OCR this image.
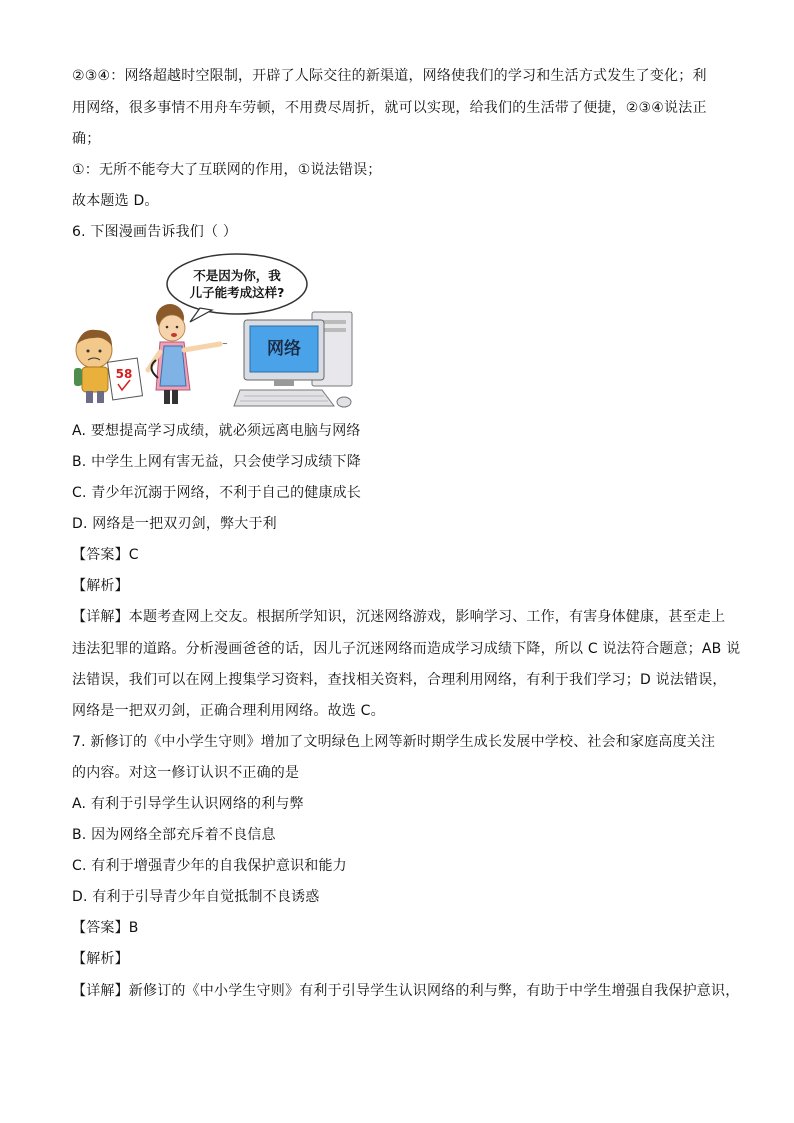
②③④：网络超越时空限制，开辟了人际交往的新渠道，网络使我们的学习和生活方式发生了变化；利
用网络，很多事情不用舟车劳顿，不用费尽周折，就可以实现，给我们的生活带了便捷，②③④说法正
确；
①：无所不能夸大了互联网的作用，①说法错误；
故本题选 D。
6. 下图漫画告诉我们（ ）
不是因为你，我
儿子能考成这样?
58
~ 网络
A. 要想提高学习成绩，就必须远离电脑与网络
B. 中学生上网有害无益，只会使学习成绩下降
C. 青少年沉溺于网络，不利于自己的健康成长
D. 网络是一把双刃剑，弊大于利
【答案】C
【解析】
【详解】本题考查网上交友。根据所学知识，沉迷网络游戏，影响学习、工作，有害身体健康，甚至走上
违法犯罪的道路。分析漫画爸爸的话，因儿子沉迷网络而造成学习成绩下降，所以 C 说法符合题意；AB 说
法错误，我们可以在网上搜集学习资料，查找相关资料，合理利用网络，有利于我们学习；D 说法错误，
网络是一把双刃剑，正确合理利用网络。故选 C。
7. 新修订的《中小学生守则》增加了文明绿色上网等新时期学生成长发展中学校、社会和家庭高度关注
的内容。对这一修订认识不正确的是
A. 有利于引导学生认识网络的利与弊
B. 因为网络全部充斥着不良信息
C. 有利于增强青少年的自我保护意识和能力
D. 有利于引导青少年自觉抵制不良诱惑
【答案】B
【解析】
【详解】新修订的《中小学生守则》有利于引导学生认识网络的利与弊，有助于中学生增强自我保护意识，
